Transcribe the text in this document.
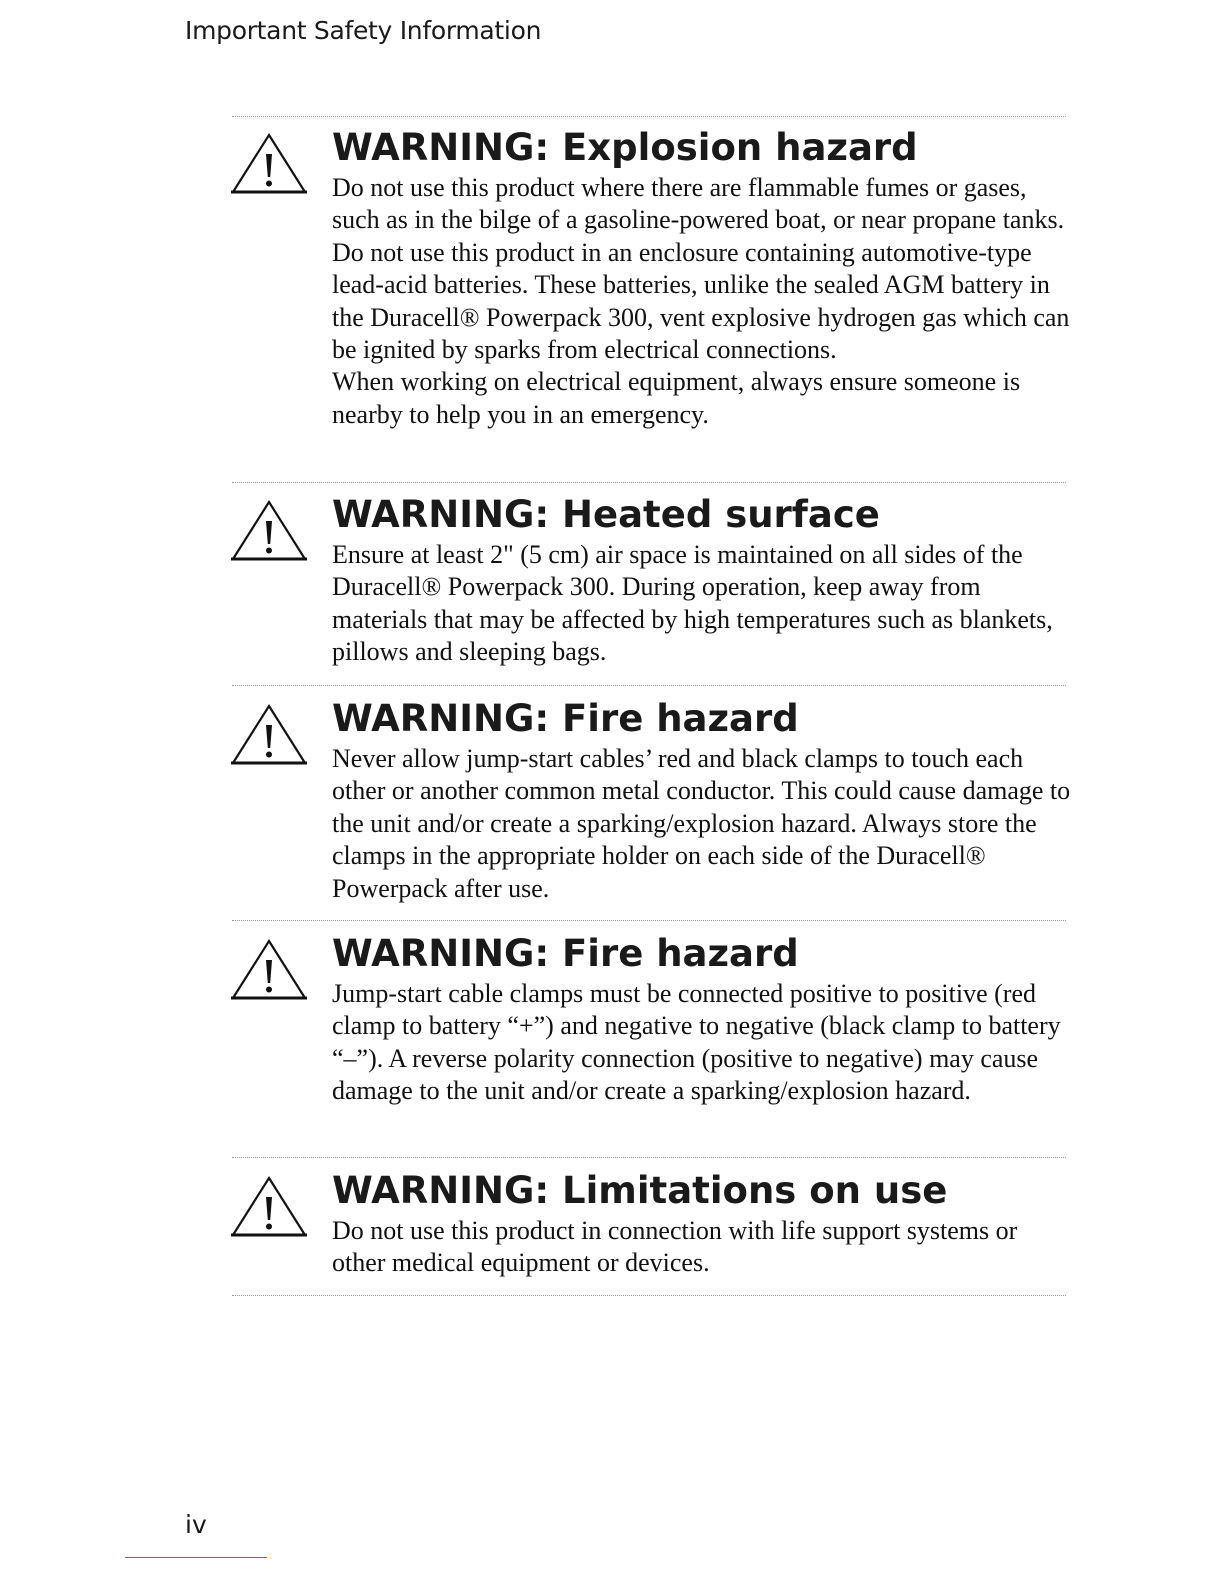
Important Safety Information
WARNING: Explosion hazard

Do not use this product where there are flammable fumes or gases, such as in the bilge of a gasoline-powered boat, or near propane tanks. Do not use this product in an enclosure containing automotive-type lead-acid batteries. These batteries, unlike the sealed AGM battery in the Duracell® Powerpack 300, vent explosive hydrogen gas which can be ignited by sparks from electrical connections.

When working on electrical equipment, always ensure someone is nearby to help you in an emergency.

WARNING: Heated surface

Ensure at least 2" (5 cm) air space is maintained on all sides of the Duracell® Powerpack 300. During operation, keep away from materials that may be affected by high temperatures such as blankets, pillows and sleeping bags.

WARNING: Fire hazard

Never allow jump-start cables’ red and black clamps to touch each other or another common metal conductor. This could cause damage to the unit and/or create a sparking/explosion hazard. Always store the clamps in the appropriate holder on each side of the Duracell® Powerpack after use.

WARNING: Fire hazard

Jump-start cable clamps must be connected positive to positive (red clamp to battery “+”) and negative to negative (black clamp to battery “–”). A reverse polarity connection (positive to negative) may cause damage to the unit and/or create a sparking/explosion hazard.

WARNING: Limitations on use

Do not use this product in connection with life support systems or other medical equipment or devices.

iv
